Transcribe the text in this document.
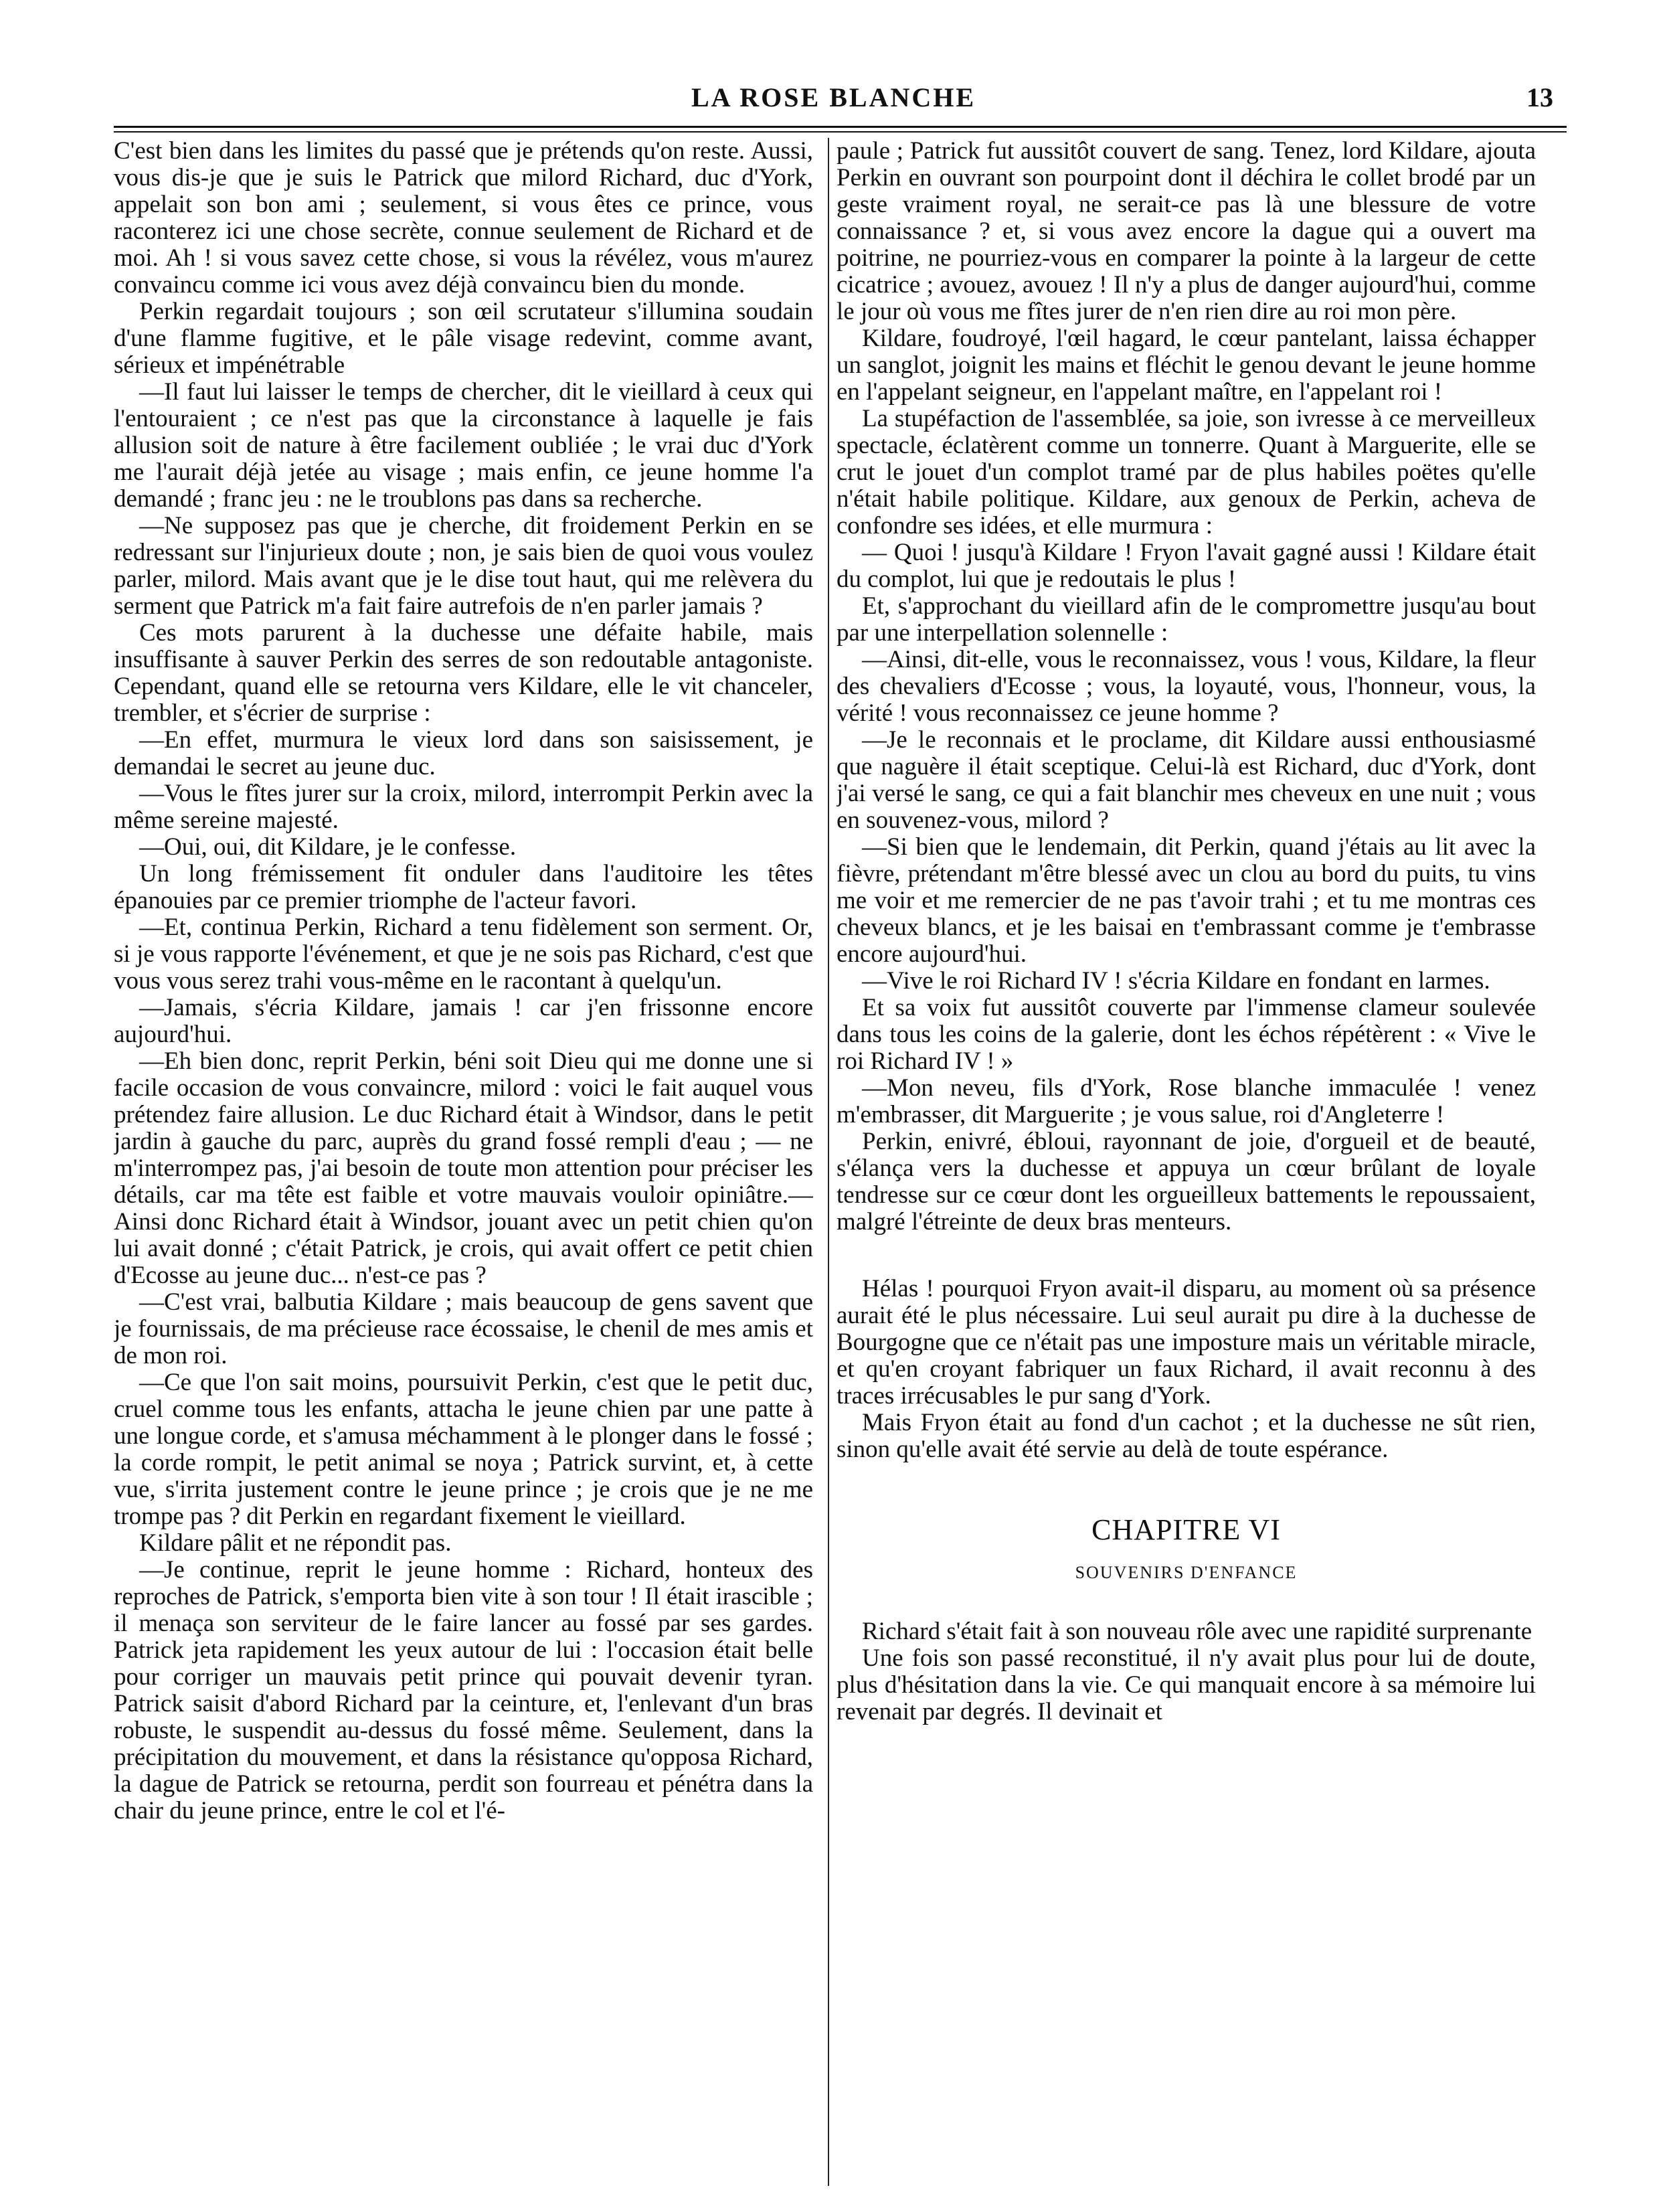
LA ROSE BLANCHE	13

C'est bien dans les limites du passé que je prétends qu'on reste. Aussi, vous dis-je que je suis le Patrick que milord Richard, duc d'York, appelait son bon ami ; seulement, si vous êtes ce prince, vous raconterez ici une chose secrète, connue seulement de Richard et de moi. Ah ! si vous savez cette chose, si vous la révélez, vous m'aurez convaincu comme ici vous avez déjà convaincu bien du monde.

Perkin regardait toujours ; son œil scrutateur s'illumina soudain d'une flamme fugitive, et le pâle visage redevint, comme avant, sérieux et impénétrable

—Il faut lui laisser le temps de chercher, dit le vieillard à ceux qui l'entouraient ; ce n'est pas que la circonstance à laquelle je fais allusion soit de nature à être facilement oubliée ; le vrai duc d'York me l'aurait déjà jetée au visage ; mais enfin, ce jeune homme l'a demandé ; franc jeu : ne le troublons pas dans sa recherche.

—Ne supposez pas que je cherche, dit froidement Perkin en se redressant sur l'injurieux doute ; non, je sais bien de quoi vous voulez parler, milord. Mais avant que je le dise tout haut, qui me relèvera du serment que Patrick m'a fait faire autrefois de n'en parler jamais ?

Ces mots parurent à la duchesse une défaite habile, mais insuffisante à sauver Perkin des serres de son redoutable antagoniste. Cependant, quand elle se retourna vers Kildare, elle le vit chanceler, trembler, et s'écrier de surprise :

—En effet, murmura le vieux lord dans son saisissement, je demandai le secret au jeune duc.

—Vous le fîtes jurer sur la croix, milord, interrompit Perkin avec la même sereine majesté.

—Oui, oui, dit Kildare, je le confesse.

Un long frémissement fit onduler dans l'auditoire les têtes épanouies par ce premier triomphe de l'acteur favori.

—Et, continua Perkin, Richard a tenu fidèlement son serment. Or, si je vous rapporte l'événement, et que je ne sois pas Richard, c'est que vous vous serez trahi vous-même en le racontant à quelqu'un.

—Jamais, s'écria Kildare, jamais ! car j'en frissonne encore aujourd'hui.

—Eh bien donc, reprit Perkin, béni soit Dieu qui me donne une si facile occasion de vous convaincre, milord : voici le fait auquel vous prétendez faire allusion. Le duc Richard était à Windsor, dans le petit jardin à gauche du parc, auprès du grand fossé rempli d'eau ; — ne m'interrompez pas, j'ai besoin de toute mon attention pour préciser les détails, car ma tête est faible et votre mauvais vouloir opiniâtre.—Ainsi donc Richard était à Windsor, jouant avec un petit chien qu'on lui avait donné ; c'était Patrick, je crois, qui avait offert ce petit chien d'Ecosse au jeune duc... n'est-ce pas ?

—C'est vrai, balbutia Kildare ; mais beaucoup de gens savent que je fournissais, de ma précieuse race écossaise, le chenil de mes amis et de mon roi.

—Ce que l'on sait moins, poursuivit Perkin, c'est que le petit duc, cruel comme tous les enfants, attacha le jeune chien par une patte à une longue corde, et s'amusa méchamment à le plonger dans le fossé ; la corde rompit, le petit animal se noya ; Patrick survint, et, à cette vue, s'irrita justement contre le jeune prince ; je crois que je ne me trompe pas ? dit Perkin en regardant fixement le vieillard.

Kildare pâlit et ne répondit pas.

—Je continue, reprit le jeune homme : Richard, honteux des reproches de Patrick, s'emporta bien vite à son tour ! Il était irascible ; il menaça son serviteur de le faire lancer au fossé par ses gardes. Patrick jeta rapidement les yeux autour de lui : l'occasion était belle pour corriger un mauvais petit prince qui pouvait devenir tyran. Patrick saisit d'abord Richard par la ceinture, et, l'enlevant d'un bras robuste, le suspendit au-dessus du fossé même. Seulement, dans la précipitation du mouvement, et dans la résistance qu'opposa Richard, la dague de Patrick se retourna, perdit son fourreau et pénétra dans la chair du jeune prince, entre le col et l'é-

paule ; Patrick fut aussitôt couvert de sang. Tenez, lord Kildare, ajouta Perkin en ouvrant son pourpoint dont il déchira le collet brodé par un geste vraiment royal, ne serait-ce pas là une blessure de votre connaissance ? et, si vous avez encore la dague qui a ouvert ma poitrine, ne pourriez-vous en comparer la pointe à la largeur de cette cicatrice ; avouez, avouez ! Il n'y a plus de danger aujourd'hui, comme le jour où vous me fîtes jurer de n'en rien dire au roi mon père.

Kildare, foudroyé, l'œil hagard, le cœur pantelant, laissa échapper un sanglot, joignit les mains et fléchit le genou devant le jeune homme en l'appelant seigneur, en l'appelant maître, en l'appelant roi !

La stupéfaction de l'assemblée, sa joie, son ivresse à ce merveilleux spectacle, éclatèrent comme un tonnerre. Quant à Marguerite, elle se crut le jouet d'un complot tramé par de plus habiles poëtes qu'elle n'était habile politique. Kildare, aux genoux de Perkin, acheva de confondre ses idées, et elle murmura :

— Quoi ! jusqu'à Kildare ! Fryon l'avait gagné aussi ! Kildare était du complot, lui que je redoutais le plus !

Et, s'approchant du vieillard afin de le compromettre jusqu'au bout par une interpellation solennelle :

—Ainsi, dit-elle, vous le reconnaissez, vous ! vous, Kildare, la fleur des chevaliers d'Ecosse ; vous, la loyauté, vous, l'honneur, vous, la vérité ! vous reconnaissez ce jeune homme ?

—Je le reconnais et le proclame, dit Kildare aussi enthousiasmé que naguère il était sceptique. Celui-là est Richard, duc d'York, dont j'ai versé le sang, ce qui a fait blanchir mes cheveux en une nuit ; vous en souvenez-vous, milord ?

—Si bien que le lendemain, dit Perkin, quand j'étais au lit avec la fièvre, prétendant m'être blessé avec un clou au bord du puits, tu vins me voir et me remercier de ne pas t'avoir trahi ; et tu me montras ces cheveux blancs, et je les baisai en t'embrassant comme je t'embrasse encore aujourd'hui.

—Vive le roi Richard IV ! s'écria Kildare en fondant en larmes.

Et sa voix fut aussitôt couverte par l'immense clameur soulevée dans tous les coins de la galerie, dont les échos répétèrent : « Vive le roi Richard IV ! »

—Mon neveu, fils d'York, Rose blanche immaculée ! venez m'embrasser, dit Marguerite ; je vous salue, roi d'Angleterre !

Perkin, enivré, ébloui, rayonnant de joie, d'orgueil et de beauté, s'élança vers la duchesse et appuya un cœur brûlant de loyale tendresse sur ce cœur dont les orgueilleux battements le repoussaient, malgré l'étreinte de deux bras menteurs.

Hélas ! pourquoi Fryon avait-il disparu, au moment où sa présence aurait été le plus nécessaire. Lui seul aurait pu dire à la duchesse de Bourgogne que ce n'était pas une imposture mais un véritable miracle, et qu'en croyant fabriquer un faux Richard, il avait reconnu à des traces irrécusables le pur sang d'York.

Mais Fryon était au fond d'un cachot ; et la duchesse ne sût rien, sinon qu'elle avait été servie au delà de toute espérance.

CHAPITRE VI
SOUVENIRS D'ENFANCE

Richard s'était fait à son nouveau rôle avec une rapidité surprenante

Une fois son passé reconstitué, il n'y avait plus pour lui de doute, plus d'hésitation dans la vie. Ce qui manquait encore à sa mémoire lui revenait par degrés. Il devinait et
